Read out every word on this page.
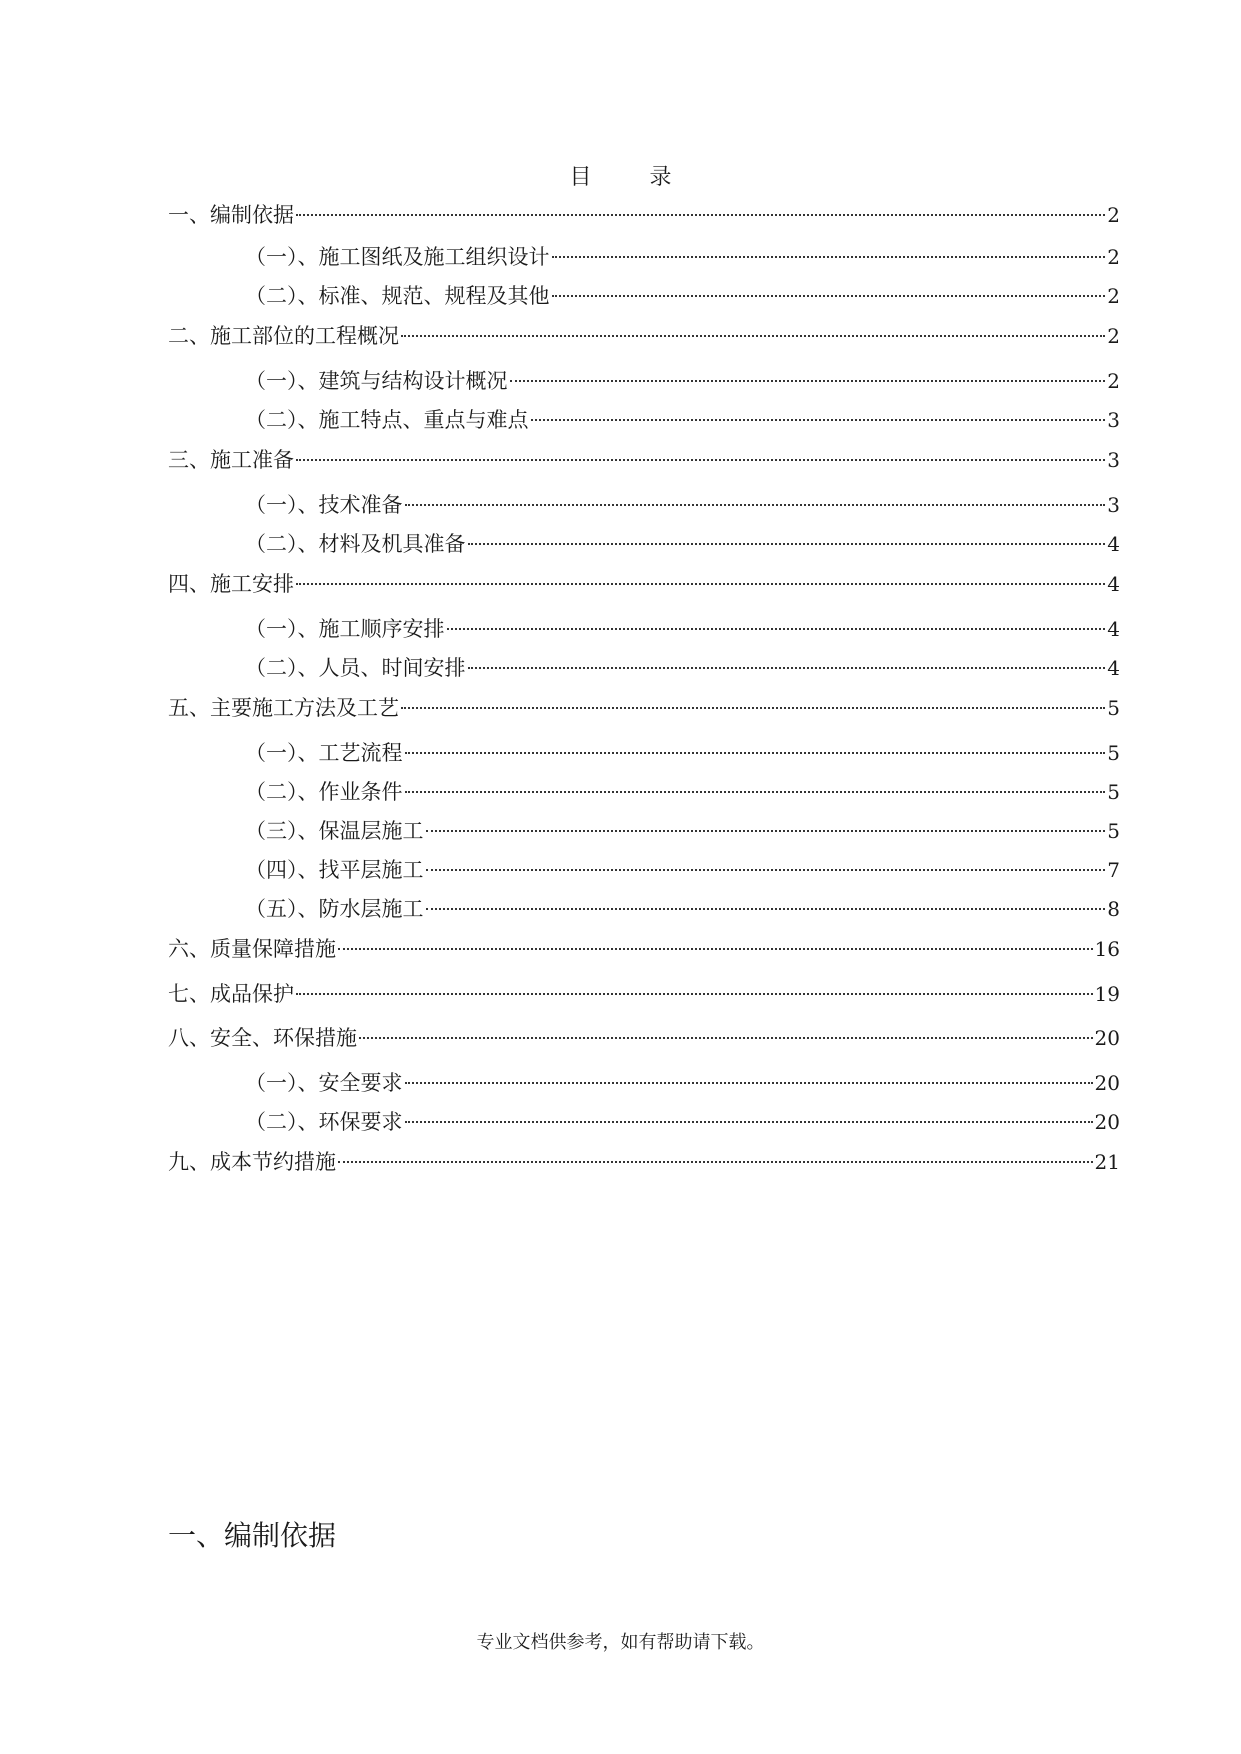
目　录
一、编制依据	2
（一）、施工图纸及施工组织设计	2
（二）、标准、规范、规程及其他	2
二、施工部位的工程概况	2
（一）、建筑与结构设计概况	2
（二）、施工特点、重点与难点	3
三、施工准备	3
（一）、技术准备	3
（二）、材料及机具准备	4
四、施工安排	4
（一）、施工顺序安排	4
（二）、人员、时间安排	4
五、主要施工方法及工艺	5
（一）、工艺流程	5
（二）、作业条件	5
（三）、保温层施工	5
（四）、找平层施工	7
（五）、防水层施工	8
六、质量保障措施	16
七、成品保护	19
八、安全、环保措施	20
（一）、安全要求	20
（二）、环保要求	20
九、成本节约措施	21
一、编制依据
专业文档供参考，如有帮助请下载。
